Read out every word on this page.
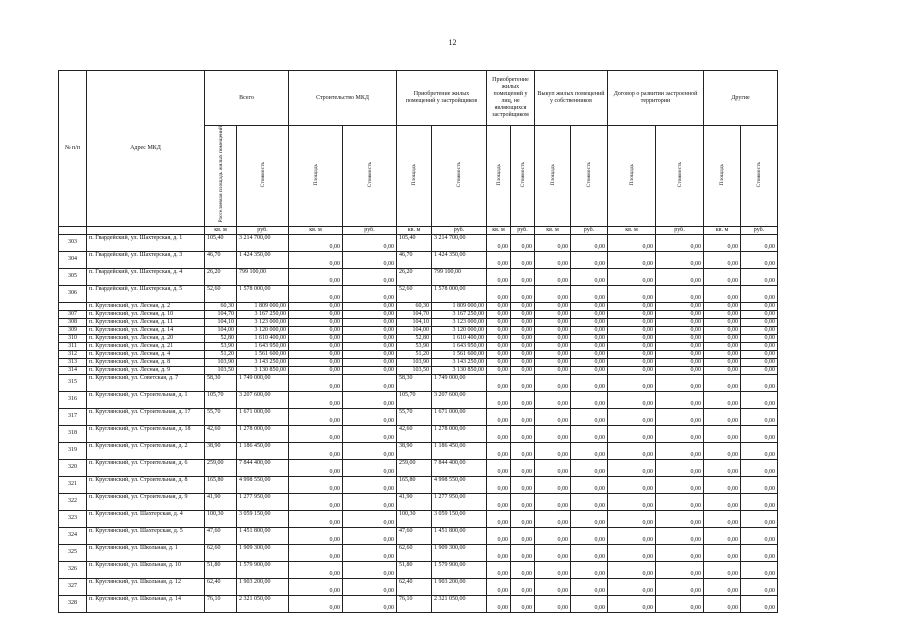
12
№ п/п	Адрес МКД	Всего		Строительство МКД		Приобретение жилых помещений у застройщиков		Приобретение жилых помещений у лиц, не являющихся застройщиком		Выкуп жилых помещений у собственников		Договор о развитии застроенной территории		Другие	
		Расселяемая площадь жилых помещений	Стоимость	Площадь	Стоимость	Площадь	Стоимость	Площадь	Стоимость	Площадь	Стоимость	Площадь	Стоимость	Площадь	Стоимость
		кв. м	руб.	кв. м	руб.	кв. м	руб.	кв. м	руб.	кв. м	руб.	кв. м	руб.	кв. м	руб.
303	п. Гвардейский, ул. Шахтерская, д. 1	105,40	3 214 700,00	0,00	0,00	105,40	3 214 700,00	0,00	0,00	0,00	0,00	0,00	0,00	0,00	0,00
304	п. Гвардейский, ул. Шахтерская, д. 3	46,70	1 424 350,00	0,00	0,00	46,70	1 424 350,00	0,00	0,00	0,00	0,00	0,00	0,00	0,00	0,00
305	п. Гвардейский, ул. Шахтерская, д. 4	26,20	799 100,00	0,00	0,00	26,20	799 100,00	0,00	0,00	0,00	0,00	0,00	0,00	0,00	0,00
306	п. Гвардейский, ул. Шахтерская, д. 5	52,60	1 578 000,00	0,00	0,00	52,60	1 578 000,00	0,00	0,00	0,00	0,00	0,00	0,00	0,00	0,00
	п. Круглянский, ул. Лесная, д. 2	60,30	1 809 000,00	0,00	0,00	60,30	1 809 000,00	0,00	0,00	0,00	0,00	0,00	0,00	0,00	0,00
307	п. Круглянский, ул. Лесная, д. 10	104,70	3 167 250,00	0,00	0,00	104,70	3 167 250,00	0,00	0,00	0,00	0,00	0,00	0,00	0,00	0,00
308	п. Круглянский, ул. Лесная, д. 11	104,10	3 123 000,00	0,00	0,00	104,10	3 123 000,00	0,00	0,00	0,00	0,00	0,00	0,00	0,00	0,00
309	п. Круглянский, ул. Лесная, д. 14	104,00	3 120 000,00	0,00	0,00	104,00	3 120 000,00	0,00	0,00	0,00	0,00	0,00	0,00	0,00	0,00
310	п. Круглянский, ул. Лесная, д. 20	52,80	1 610 400,00	0,00	0,00	52,80	1 610 400,00	0,00	0,00	0,00	0,00	0,00	0,00	0,00	0,00
311	п. Круглянский, ул. Лесная, д. 21	53,90	1 643 950,00	0,00	0,00	53,90	1 643 950,00	0,00	0,00	0,00	0,00	0,00	0,00	0,00	0,00
312	п. Круглянский, ул. Лесная, д. 4	51,20	1 561 600,00	0,00	0,00	51,20	1 561 600,00	0,00	0,00	0,00	0,00	0,00	0,00	0,00	0,00
313	п. Круглянский, ул. Лесная, д. 8	103,90	3 143 250,00	0,00	0,00	103,90	3 143 250,00	0,00	0,00	0,00	0,00	0,00	0,00	0,00	0,00
314	п. Круглянский, ул. Лесная, д. 9	103,50	3 130 850,00	0,00	0,00	103,50	3 130 850,00	0,00	0,00	0,00	0,00	0,00	0,00	0,00	0,00
315	п. Круглянский, ул. Советская, д. 7	58,30	1 749 000,00	0,00	0,00	58,30	1 749 000,00	0,00	0,00	0,00	0,00	0,00	0,00	0,00	0,00
316	п. Круглянский, ул. Строительная, д. 1	105,70	3 207 600,00	0,00	0,00	105,70	3 207 600,00	0,00	0,00	0,00	0,00	0,00	0,00	0,00	0,00
317	п. Круглянский, ул. Строительная, д. 17	55,70	1 671 000,00	0,00	0,00	55,70	1 671 000,00	0,00	0,00	0,00	0,00	0,00	0,00	0,00	0,00
318	п. Круглянский, ул. Строительная, д. 18	42,60	1 278 000,00	0,00	0,00	42,60	1 278 000,00	0,00	0,00	0,00	0,00	0,00	0,00	0,00	0,00
319	п. Круглянский, ул. Строительная, д. 2	38,90	1 186 450,00	0,00	0,00	38,90	1 186 450,00	0,00	0,00	0,00	0,00	0,00	0,00	0,00	0,00
320	п. Круглянский, ул. Строительная, д. 6	259,00	7 844 400,00	0,00	0,00	259,00	7 844 400,00	0,00	0,00	0,00	0,00	0,00	0,00	0,00	0,00
321	п. Круглянский, ул. Строительная, д. 8	165,80	4 998 550,00	0,00	0,00	165,80	4 998 550,00	0,00	0,00	0,00	0,00	0,00	0,00	0,00	0,00
322	п. Круглянский, ул. Строительная, д. 9	41,90	1 277 950,00	0,00	0,00	41,90	1 277 950,00	0,00	0,00	0,00	0,00	0,00	0,00	0,00	0,00
323	п. Круглянский, ул. Шахтерская, д. 4	100,30	3 059 150,00	0,00	0,00	100,30	3 059 150,00	0,00	0,00	0,00	0,00	0,00	0,00	0,00	0,00
324	п. Круглянский, ул. Шахтерская, д. 5	47,60	1 451 800,00	0,00	0,00	47,60	1 451 800,00	0,00	0,00	0,00	0,00	0,00	0,00	0,00	0,00
325	п. Круглянский, ул. Школьная, д. 1	62,60	1 909 300,00	0,00	0,00	62,60	1 909 300,00	0,00	0,00	0,00	0,00	0,00	0,00	0,00	0,00
326	п. Круглянский, ул. Школьная, д. 10	51,80	1 579 900,00	0,00	0,00	51,80	1 579 900,00	0,00	0,00	0,00	0,00	0,00	0,00	0,00	0,00
327	п. Круглянский, ул. Школьная, д. 12	62,40	1 903 200,00	0,00	0,00	62,40	1 903 200,00	0,00	0,00	0,00	0,00	0,00	0,00	0,00	0,00
328	п. Круглянский, ул. Школьная, д. 14	76,10	2 321 050,00	0,00	0,00	76,10	2 321 050,00	0,00	0,00	0,00	0,00	0,00	0,00	0,00	0,00
